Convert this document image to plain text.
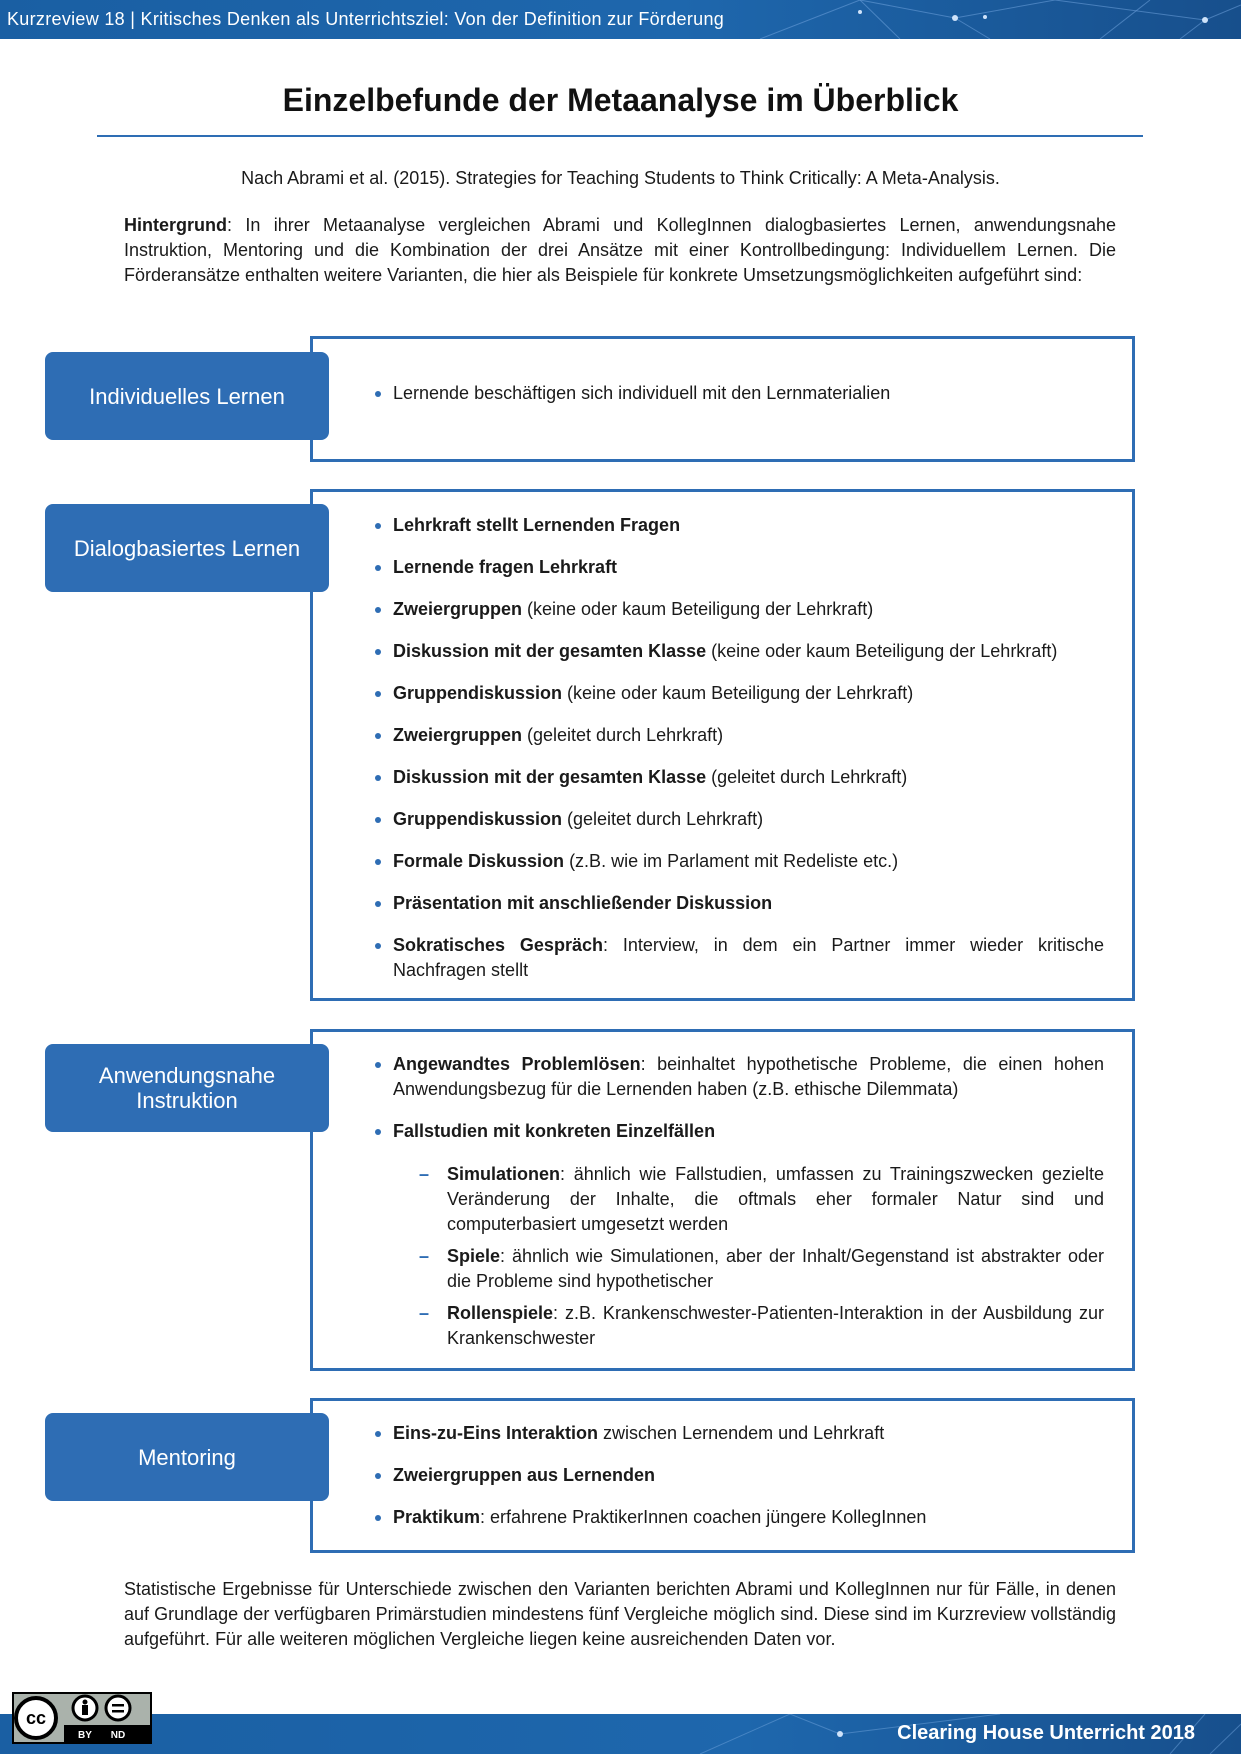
Kurzreview 18 | Kritisches Denken als Unterrichtsziel: Von der Definition zur Förderung
Einzelbefunde der Metaanalyse im Überblick
Nach Abrami et al. (2015). Strategies for Teaching Students to Think Critically: A Meta-Analysis.

Hintergrund: In ihrer Metaanalyse vergleichen Abrami und KollegInnen dialogbasiertes Lernen, anwendungsnahe Instruktion, Mentoring und die Kombination der drei Ansätze mit einer Kontrollbedingung: Individuellem Lernen. Die Förderansätze enthalten weitere Varianten, die hier als Beispiele für konkrete Umsetzungsmöglichkeiten aufgeführt sind:

Lernende beschäftigen sich individuell mit den Lernmaterialien
Individuelles Lernen
Lehrkraft stellt Lernenden Fragen
Lernende fragen Lehrkraft
Zweiergruppen (keine oder kaum Beteiligung der Lehrkraft)
Diskussion mit der gesamten Klasse (keine oder kaum Beteiligung der Lehrkraft)
Gruppendiskussion (keine oder kaum Beteiligung der Lehrkraft)
Zweiergruppen (geleitet durch Lehrkraft)
Diskussion mit der gesamten Klasse (geleitet durch Lehrkraft)
Gruppendiskussion (geleitet durch Lehrkraft)
Formale Diskussion (z.B. wie im Parlament mit Redeliste etc.)
Präsentation mit anschließender Diskussion
Sokratisches Gespräch: Interview, in dem ein Partner immer wieder kritische Nachfragen stellt
Dialogbasiertes Lernen
Angewandtes Problemlösen: beinhaltet hypothetische Probleme, die einen hohen Anwendungsbezug für die Lernenden haben (z.B. ethische Dilemmata)
Fallstudien mit konkreten Einzelfällen
– Simulationen: ähnlich wie Fallstudien, umfassen zu Trainingszwecken gezielte Veränderung der Inhalte, die oftmals eher formaler Natur sind und computerbasiert umgesetzt werden
– Spiele: ähnlich wie Simulationen, aber der Inhalt/Gegenstand ist abstrakter oder die Probleme sind hypothetischer
– Rollenspiele: z.B. Krankenschwester-Patienten-Interaktion in der Ausbildung zur Krankenschwester
Anwendungsnahe
Instruktion
Eins-zu-Eins Interaktion zwischen Lernendem und Lehrkraft
Zweiergruppen aus Lernenden
Praktikum: erfahrene PraktikerInnen coachen jüngere KollegInnen
Mentoring

Statistische Ergebnisse für Unterschiede zwischen den Varianten berichten Abrami und KollegInnen nur für Fälle, in denen auf Grundlage der verfügbaren Primärstudien mindestens fünf Vergleiche möglich sind. Diese sind im Kurzreview vollständig aufgeführt. Für alle weiteren möglichen Vergleiche liegen keine ausreichenden Daten vor.

Clearing House Unterricht 2018
cc
BY ND
